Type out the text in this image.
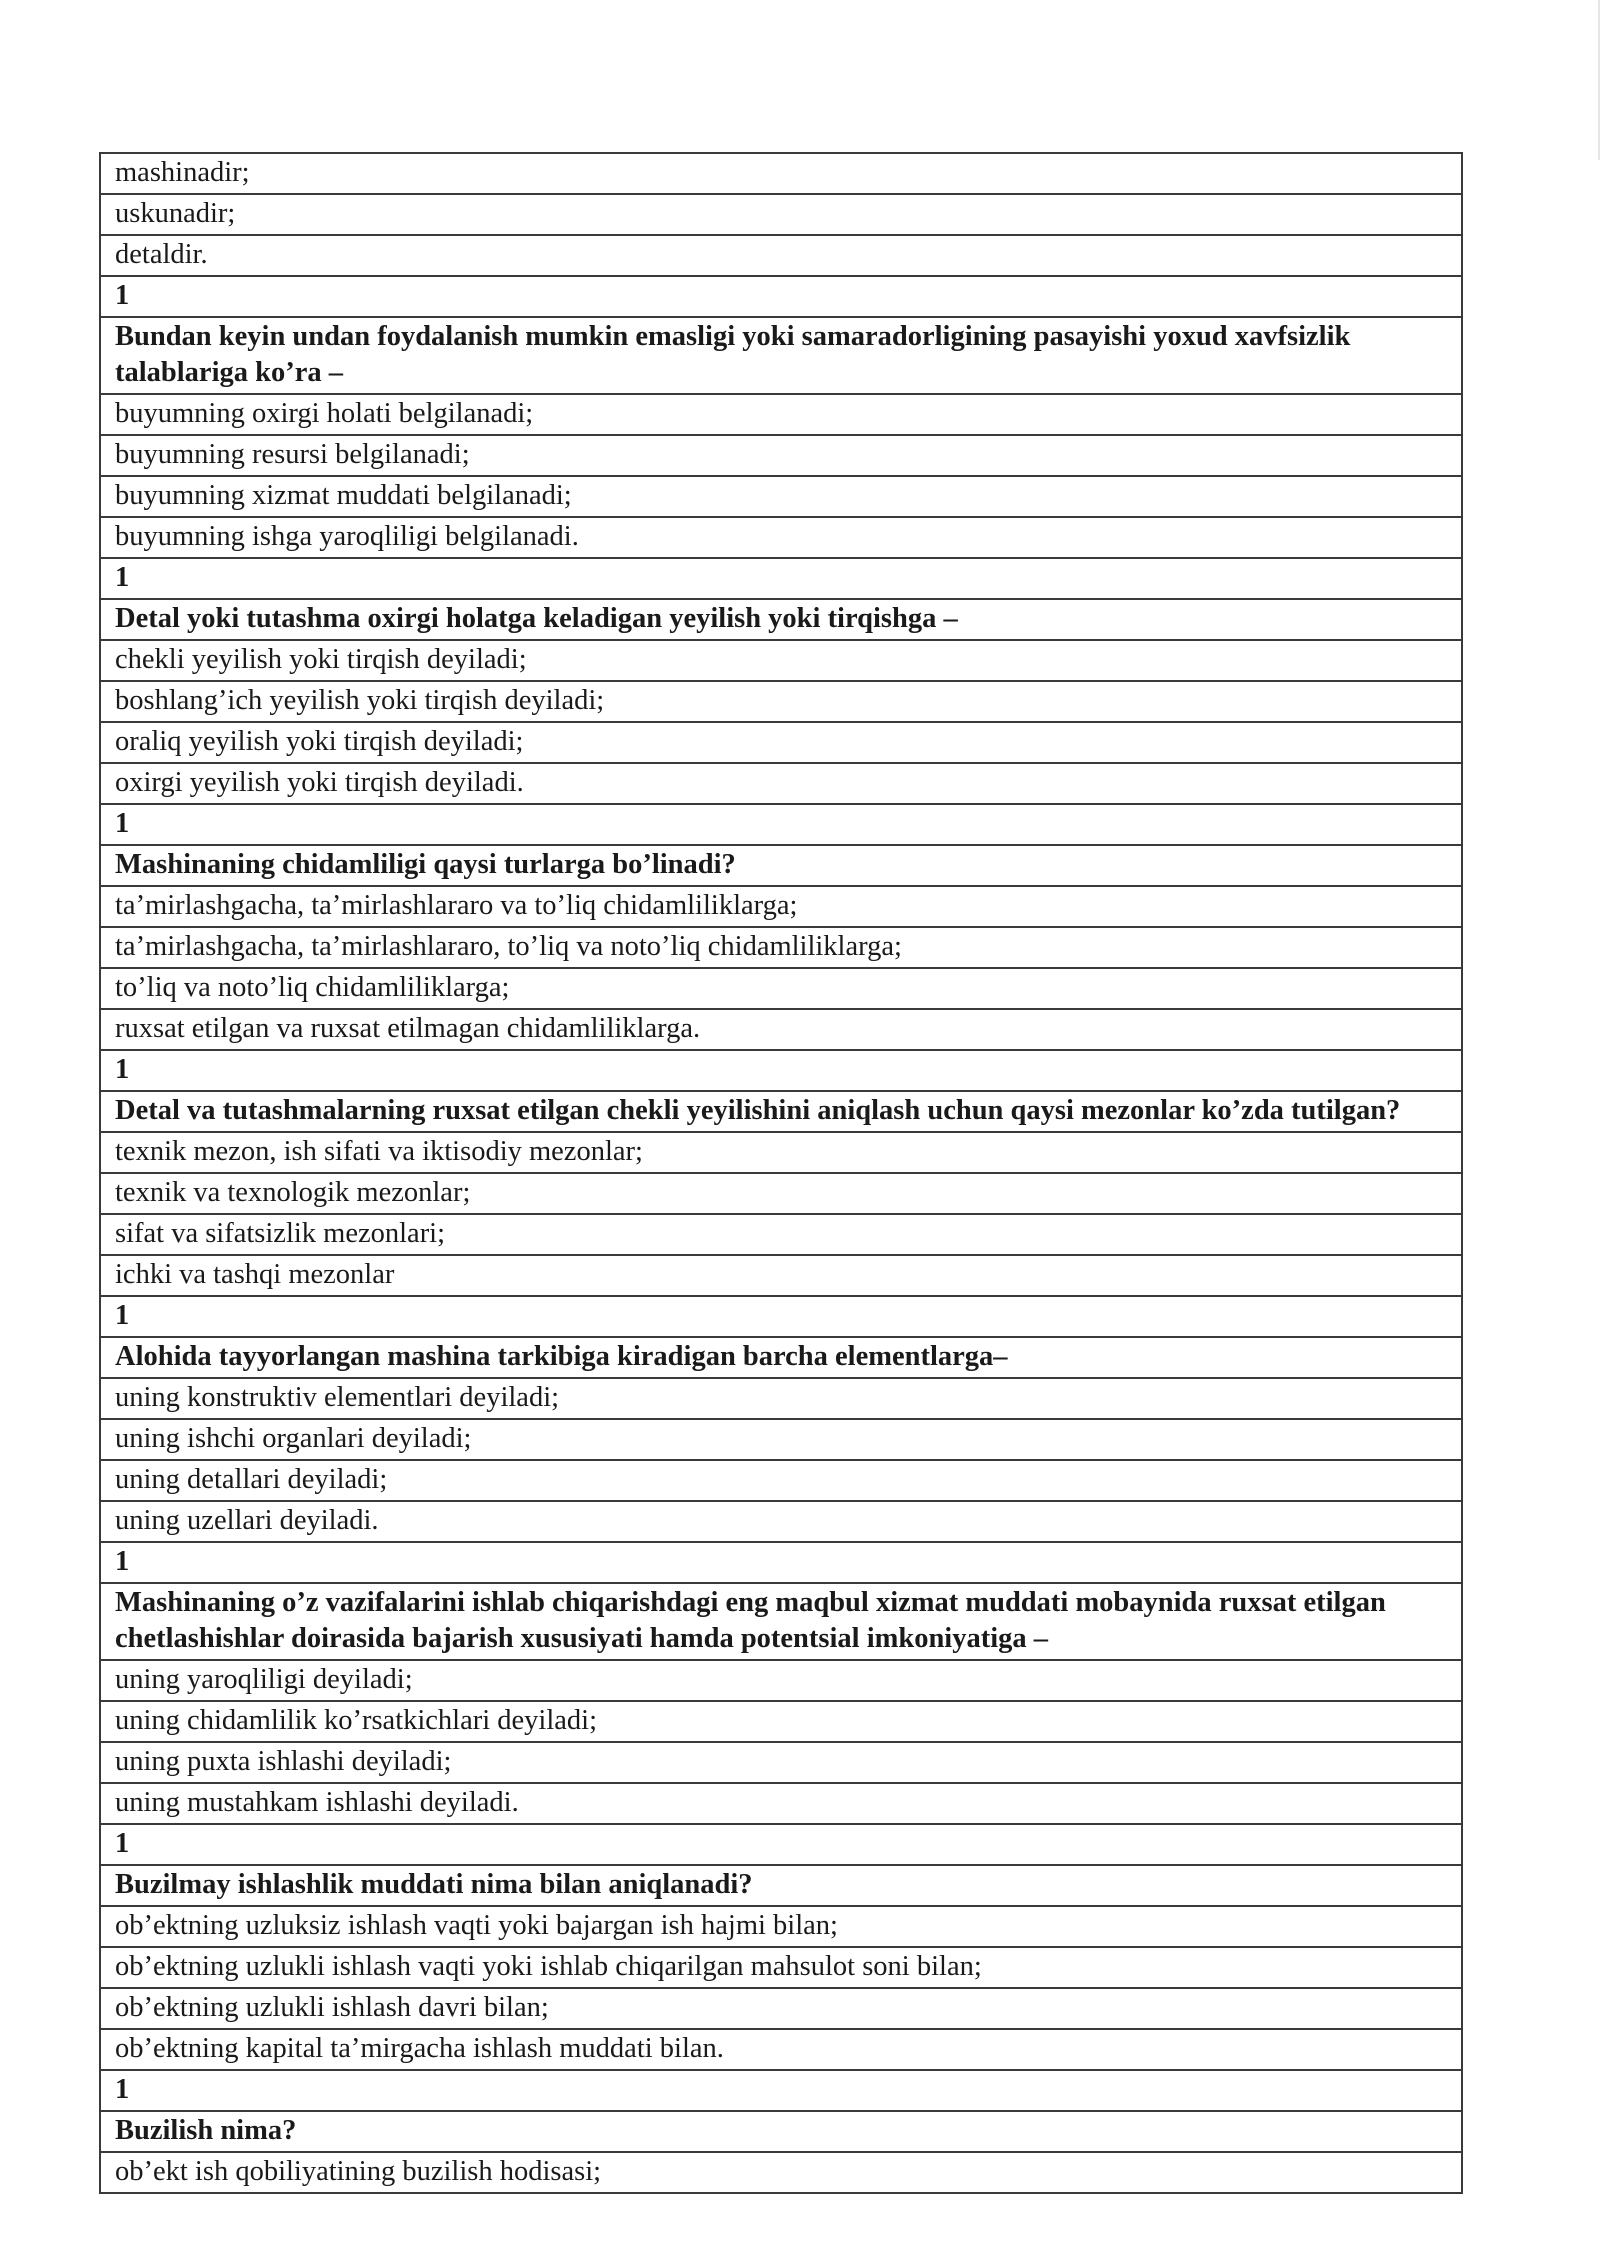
mashinadir;
uskunadir;
detaldir.
1
Bundan keyin undan foydalanish mumkin emasligi yoki samaradorligining pasayishi yoxud xavfsizlik talablariga ko’ra –
buyumning oxirgi holati belgilanadi;
buyumning resursi belgilanadi;
buyumning xizmat muddati belgilanadi;
buyumning ishga yaroqliligi belgilanadi.
1
Detal yoki tutashma oxirgi holatga keladigan yeyilish yoki tirqishga –
chekli yeyilish yoki tirqish deyiladi;
boshlang’ich yeyilish yoki tirqish deyiladi;
oraliq yeyilish yoki tirqish deyiladi;
oxirgi yeyilish yoki tirqish deyiladi.
1
Mashinaning chidamliligi qaysi turlarga bo’linadi?
ta’mirlashgacha, ta’mirlashlararo va to’liq chidamliliklarga;
ta’mirlashgacha, ta’mirlashlararo, to’liq va noto’liq chidamliliklarga;
to’liq va noto’liq chidamliliklarga;
ruxsat etilgan va ruxsat etilmagan chidamliliklarga.
1
Detal va tutashmalarning ruxsat etilgan chekli yeyilishini aniqlash uchun qaysi mezonlar ko’zda tutilgan?
texnik mezon, ish sifati va iktisodiy mezonlar;
texnik va texnologik mezonlar;
sifat va sifatsizlik mezonlari;
ichki va tashqi mezonlar
1
Alohida tayyorlangan mashina tarkibiga kiradigan barcha elementlarga–
uning konstruktiv elementlari deyiladi;
uning ishchi organlari deyiladi;
uning detallari deyiladi;
uning uzellari deyiladi.
1
Mashinaning o’z vazifalarini ishlab chiqarishdagi eng maqbul xizmat muddati mobaynida ruxsat etilgan chetlashishlar doirasida bajarish xususiyati hamda potentsial imkoniyatiga –
uning yaroqliligi deyiladi;
uning chidamlilik ko’rsatkichlari deyiladi;
uning puxta ishlashi deyiladi;
uning mustahkam ishlashi deyiladi.
1
Buzilmay ishlashlik muddati nima bilan aniqlanadi?
ob’ektning uzluksiz ishlash vaqti yoki bajargan ish hajmi bilan;
ob’ektning uzlukli ishlash vaqti yoki ishlab chiqarilgan mahsulot soni bilan;
ob’ektning uzlukli ishlash davri bilan;
ob’ektning kapital ta’mirgacha ishlash muddati bilan.
1
Buzilish nima?
ob’ekt ish qobiliyatining buzilish hodisasi;
